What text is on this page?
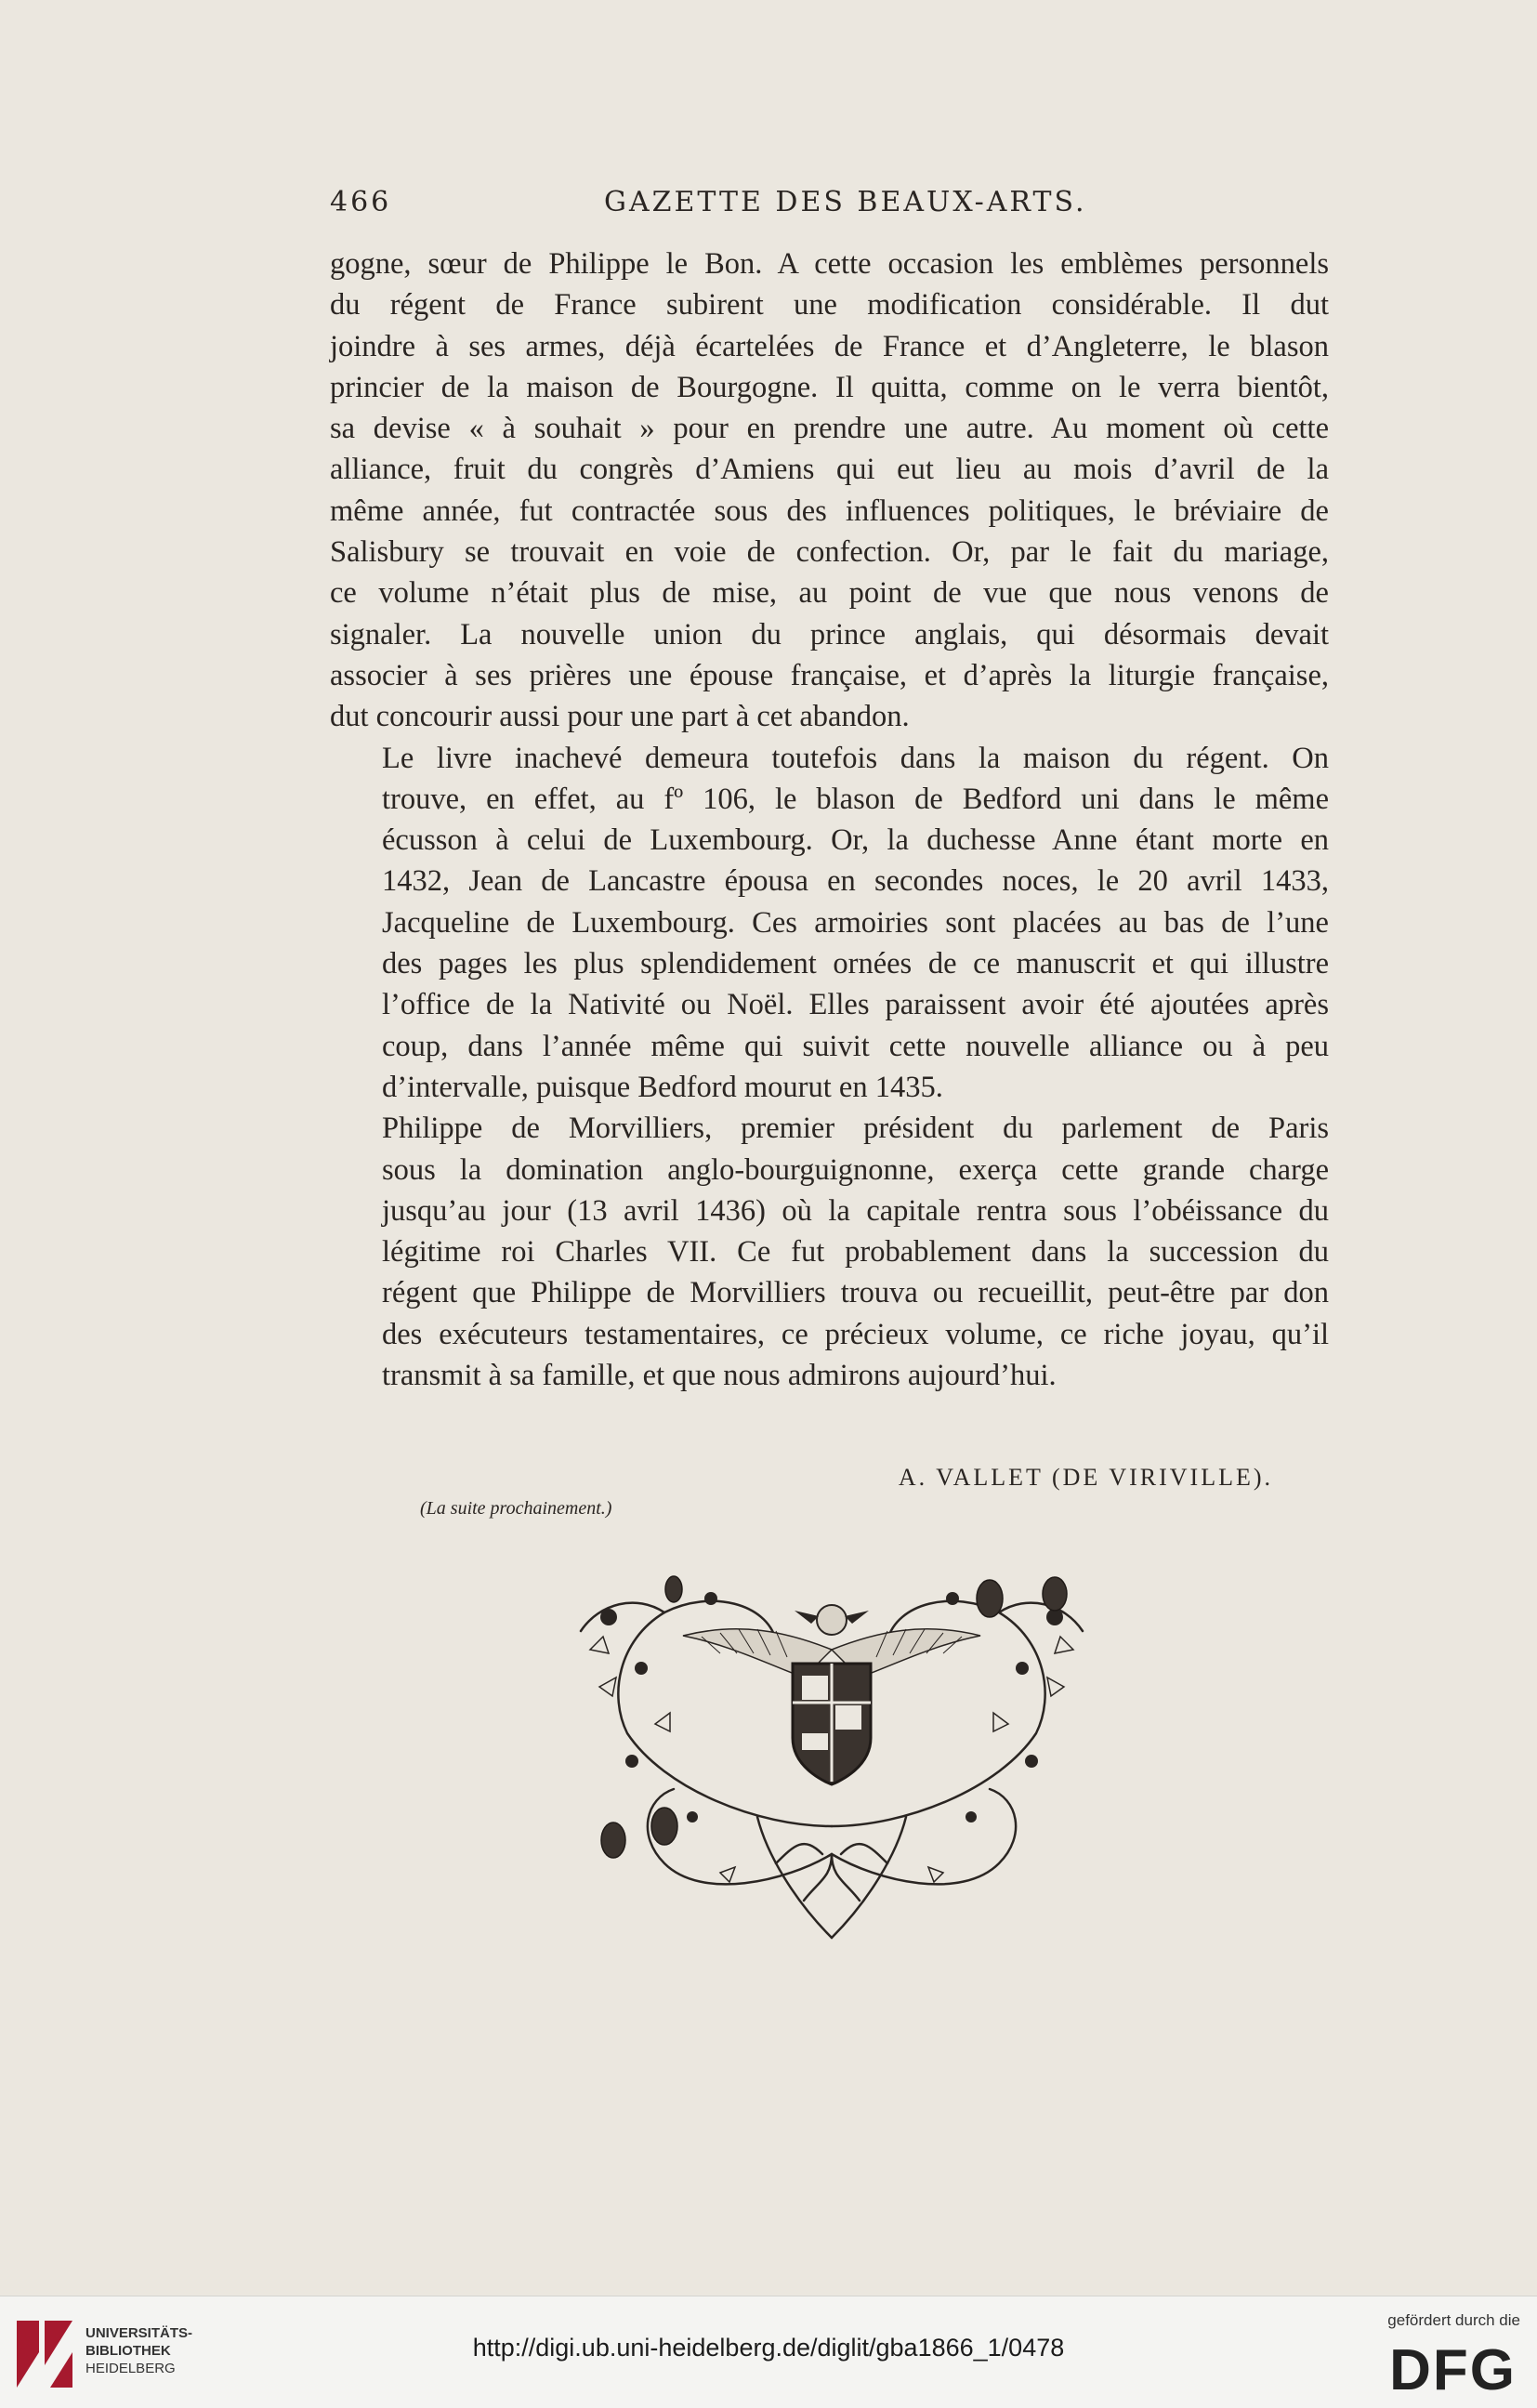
466	GAZETTE DES BEAUX-ARTS.

gogne, sœur de Philippe le Bon. A cette occasion les emblèmes personnels
du régent de France subirent une modification considérable. Il dut
joindre à ses armes, déjà écartelées de France et d’Angleterre, le blason
princier de la maison de Bourgogne. Il quitta, comme on le verra bientôt,
sa devise « à souhait » pour en prendre une autre. Au moment où cette
alliance, fruit du congrès d’Amiens qui eut lieu au mois d’avril de la
même année, fut contractée sous des influences politiques, le bréviaire de
Salisbury se trouvait en voie de confection. Or, par le fait du mariage,
ce volume n’était plus de mise, au point de vue que nous venons de
signaler. La nouvelle union du prince anglais, qui désormais devait
associer à ses prières une épouse française, et d’après la liturgie française,
dut concourir aussi pour une part à cet abandon.

Le livre inachevé demeura toutefois dans la maison du régent. On
trouve, en effet, au fº 106, le blason de Bedford uni dans le même
écusson à celui de Luxembourg. Or, la duchesse Anne étant morte en
1432, Jean de Lancastre épousa en secondes noces, le 20 avril 1433,
Jacqueline de Luxembourg. Ces armoiries sont placées au bas de l’une
des pages les plus splendidement ornées de ce manuscrit et qui illustre
l’office de la Nativité ou Noël. Elles paraissent avoir été ajoutées après
coup, dans l’année même qui suivit cette nouvelle alliance ou à peu
d’intervalle, puisque Bedford mourut en 1435.

Philippe de Morvilliers, premier président du parlement de Paris
sous la domination anglo-bourguignonne, exerça cette grande charge
jusqu’au jour (13 avril 1436) où la capitale rentra sous l’obéissance du
légitime roi Charles VII. Ce fut probablement dans la succession du
régent que Philippe de Morvilliers trouva ou recueillit, peut-être par don
des exécuteurs testamentaires, ce précieux volume, ce riche joyau, qu’il
transmit à sa famille, et que nous admirons aujourd’hui.

A. VALLET (DE VIRIVILLE).
(La suite prochainement.)
UNIVERSITÄTS-
BIBLIOTHEK
HEIDELBERG
http://digi.ub.uni-heidelberg.de/diglit/gba1866_1/0478
gefördert durch die
DFG
